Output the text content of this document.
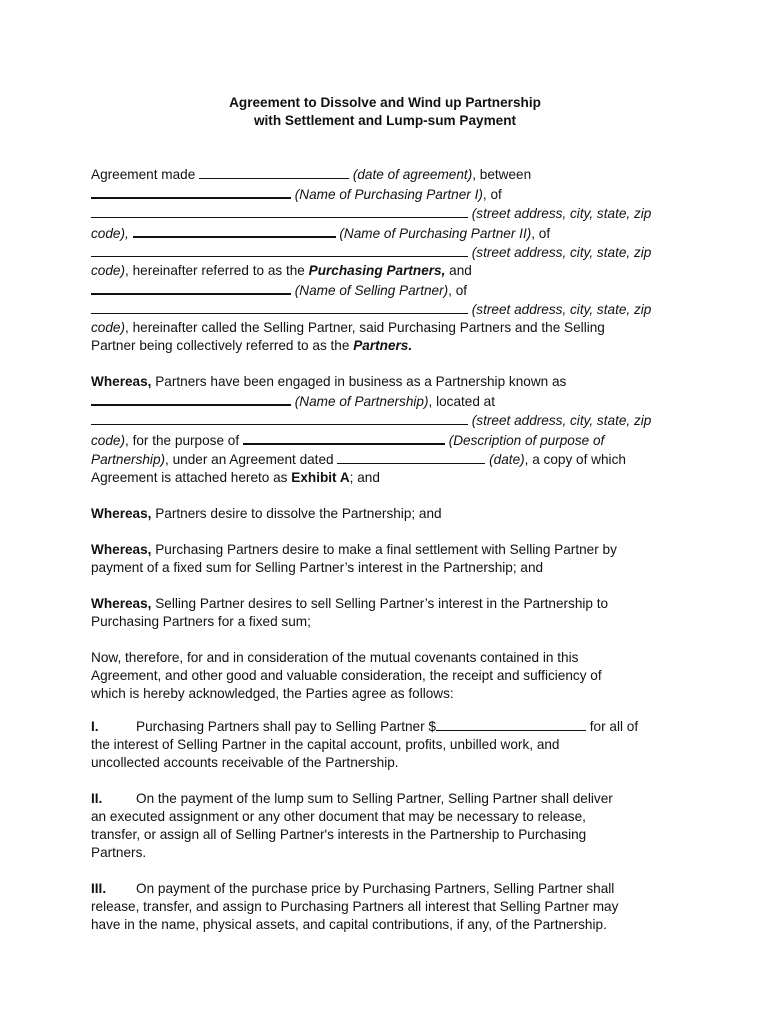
Agreement to Dissolve and Wind up Partnership
with Settlement and Lump-sum Payment
Agreement made	(date of agreement), between
(Name of Purchasing Partner I), of
(street address, city, state, zip
code),	(Name of Purchasing Partner II), of
(street address, city, state, zip
code), hereinafter referred to as the Purchasing Partners, and
(Name of Selling Partner), of
(street address, city, state, zip
code), hereinafter called the Selling Partner, said Purchasing Partners and the Selling
Partner being collectively referred to as the Partners.
Whereas, Partners have been engaged in business as a Partnership known as
(Name of Partnership), located at
(street address, city, state, zip
code), for the purpose of	(Description of purpose of
Partnership), under an Agreement dated	(date), a copy of which
Agreement is attached hereto as Exhibit A; and
Whereas, Partners desire to dissolve the Partnership; and
Whereas, Purchasing Partners desire to make a final settlement with Selling Partner by
payment of a fixed sum for Selling Partner’s interest in the Partnership; and
Whereas, Selling Partner desires to sell Selling Partner’s interest in the Partnership to
Purchasing Partners for a fixed sum;
Now, therefore, for and in consideration of the mutual covenants contained in this
Agreement, and other good and valuable consideration, the receipt and sufficiency of
which is hereby acknowledged, the Parties agree as follows:
I.	Purchasing Partners shall pay to Selling Partner $	for all of
the interest of Selling Partner in the capital account, profits, unbilled work, and
uncollected accounts receivable of the Partnership.
II. On the payment of the lump sum to Selling Partner, Selling Partner shall deliver
an executed assignment or any other document that may be necessary to release,
transfer, or assign all of Selling Partner's interests in the Partnership to Purchasing
Partners.
III. On payment of the purchase price by Purchasing Partners, Selling Partner shall
release, transfer, and assign to Purchasing Partners all interest that Selling Partner may
have in the name, physical assets, and capital contributions, if any, of the Partnership.
